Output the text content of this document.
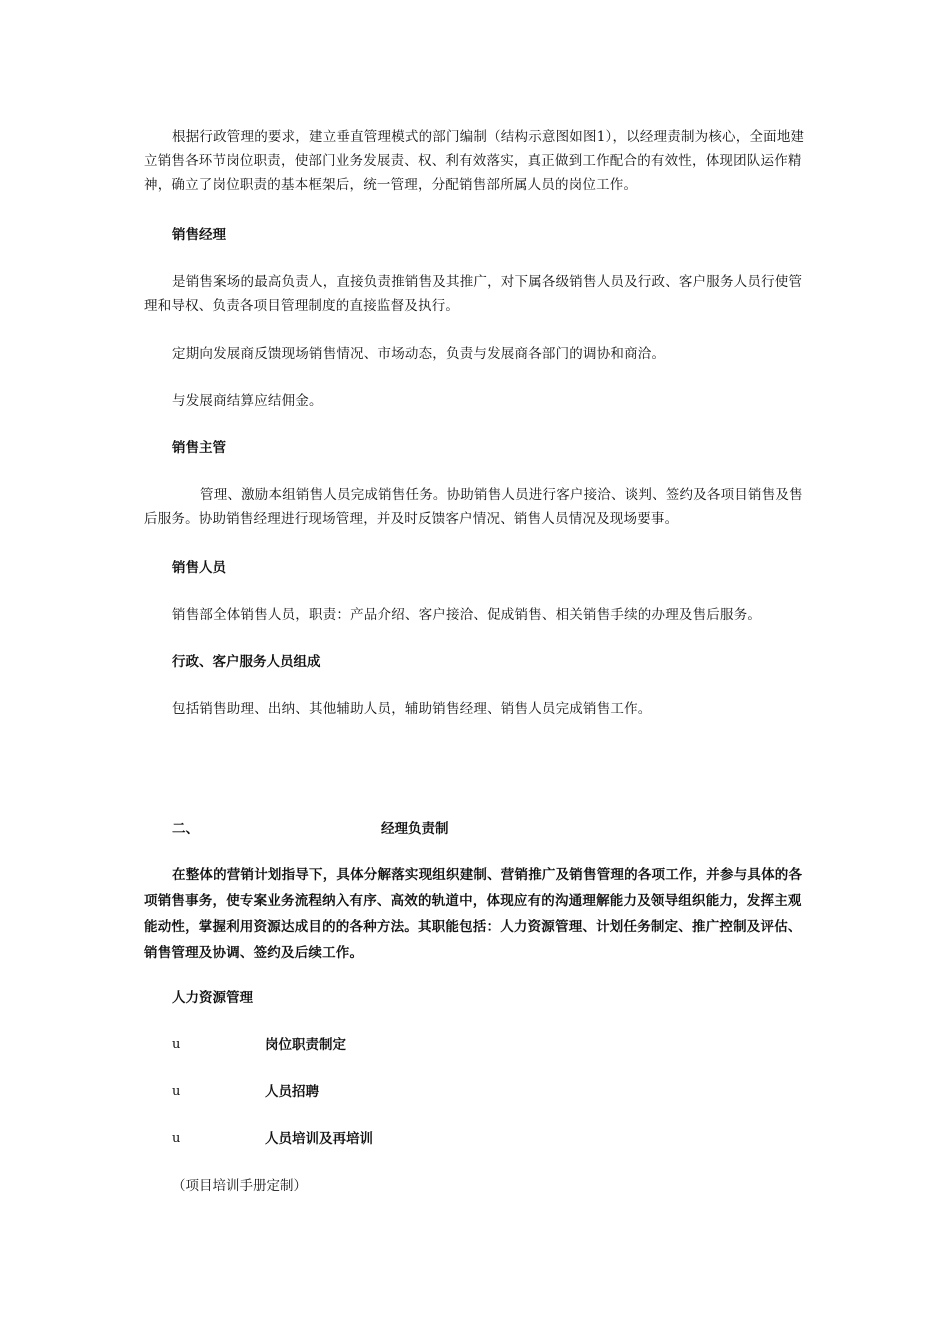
根据行政管理的要求，建立垂直管理模式的部门编制（结构示意图如图1），以经理责制为核心，全面地建立销售各环节岗位职责，使部门业务发展责、权、利有效落实，真正做到工作配合的有效性，体现团队运作精神，确立了岗位职责的基本框架后，统一管理，分配销售部所属人员的岗位工作。

销售经理

是销售案场的最高负责人，直接负责推销售及其推广，对下属各级销售人员及行政、客户服务人员行使管理和导权、负责各项目管理制度的直接监督及执行。

定期向发展商反馈现场销售情况、市场动态，负责与发展商各部门的调协和商洽。

与发展商结算应结佣金。

销售主管

管理、激励本组销售人员完成销售任务。协助销售人员进行客户接洽、谈判、签约及各项目销售及售后服务。协助销售经理进行现场管理，并及时反馈客户情况、销售人员情况及现场要事。

销售人员

销售部全体销售人员，职责：产品介绍、客户接洽、促成销售、相关销售手续的办理及售后服务。

行政、客户服务人员组成

包括销售助理、出纳、其他辅助人员，辅助销售经理、销售人员完成销售工作。

二、	经理负责制

在整体的营销计划指导下，具体分解落实现组织建制、营销推广及销售管理的各项工作，并参与具体的各项销售事务，使专案业务流程纳入有序、高效的轨道中，体现应有的沟通理解能力及领导组织能力，发挥主观能动性，掌握利用资源达成目的的各种方法。其职能包括：人力资源管理、计划任务制定、推广控制及评估、销售管理及协调、签约及后续工作。

人力资源管理

u	岗位职责制定
u	人员招聘
u	人员培训及再培训
（项目培训手册定制）
